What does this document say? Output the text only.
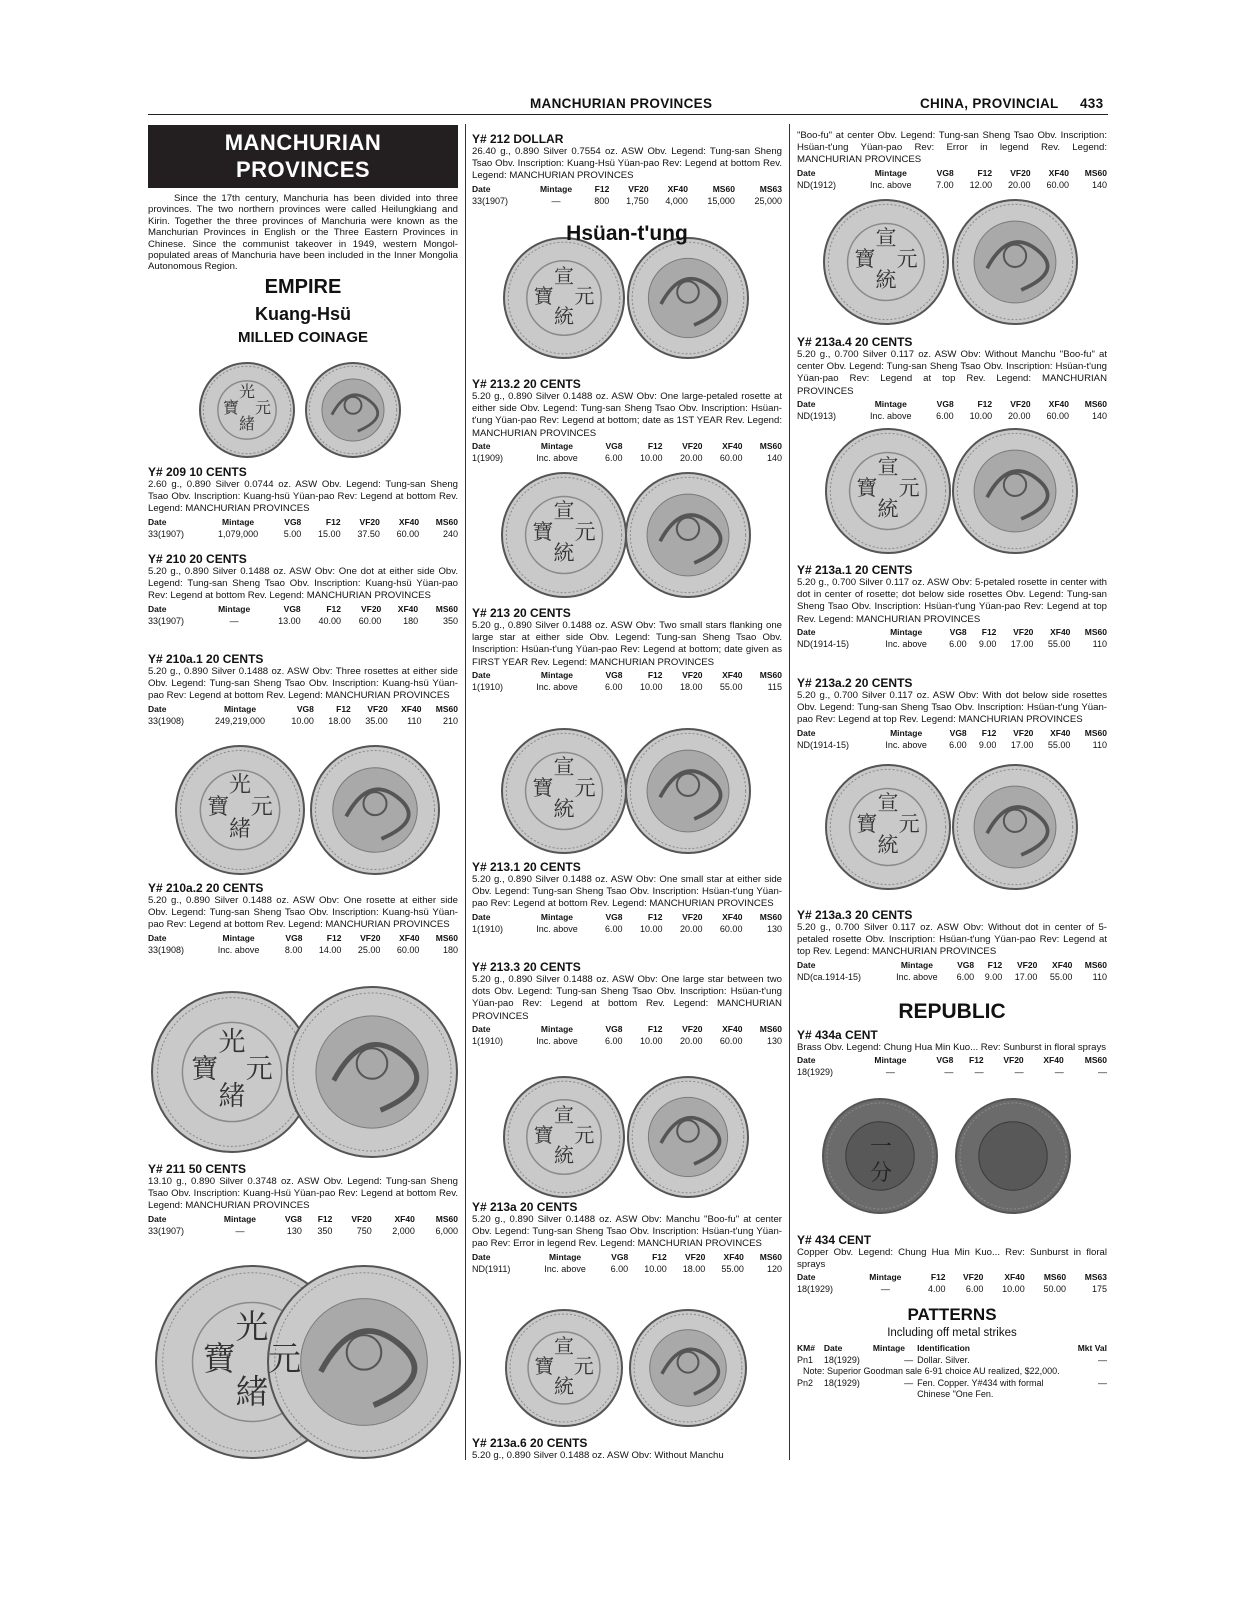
MANCHURIAN PROVINCES	CHINA, PROVINCIAL 433
光
緒
元
寶
宣
統
元
寶
宣
統
元
寶
宣
統
元
寶
宣
統
元
寶
宣
統
元
寶
宣
統
元
寶
宣
統
元
寶
宣
統
元
寶
光
緒
元
寶
光
緒
元
寶
光
緒
元
寶
一
分
MANCHURIAN
PROVINCES

Since the 17th century, Manchuria has been divided into three provinces. The two northern provinces were called Heilungkiang and Kirin. Together the three provinces of Manchuria were known as the Manchurian Provinces in English or the Three Eastern Provinces in Chinese. Since the communist takeover in 1949, western Mongol-populated areas of Manchuria have been included in the Inner Mongolia Autonomous Region.

EMPIRE
Kuang-Hsü
MILLED COINAGE
Y# 209 10 CENTS

2.60 g., 0.890 Silver 0.0744 oz. ASW Obv. Legend: Tung-san Sheng Tsao Obv. Inscription: Kuang-hsü Yüan-pao Rev: Legend at bottom Rev. Legend: MANCHURIAN PROVINCES

Date	Mintage	VG8	F12	VF20	XF40	MS60
33(1907)	1,079,000	5.00	15.00	37.50	60.00	240
Y# 210 20 CENTS

5.20 g., 0.890 Silver 0.1488 oz. ASW Obv: One dot at either side Obv. Legend: Tung-san Sheng Tsao Obv. Inscription: Kuang-hsü Yüan-pao Rev: Legend at bottom Rev. Legend: MANCHURIAN PROVINCES

Date	Mintage	VG8	F12	VF20	XF40	MS60
33(1907)	—	13.00	40.00	60.00	180	350
Y# 210a.1 20 CENTS

5.20 g., 0.890 Silver 0.1488 oz. ASW Obv: Three rosettes at either side Obv. Legend: Tung-san Sheng Tsao Obv. Inscription: Kuang-hsü Yüan-pao Rev: Legend at bottom Rev. Legend: MANCHURIAN PROVINCES

Date	Mintage	VG8	F12	VF20	XF40	MS60
33(1908)	249,219,000	10.00	18.00	35.00	110	210
Y# 210a.2 20 CENTS

5.20 g., 0.890 Silver 0.1488 oz. ASW Obv: One rosette at either side Obv. Legend: Tung-san Sheng Tsao Obv. Inscription: Kuang-hsü Yüan-pao Rev: Legend at bottom Rev. Legend: MANCHURIAN PROVINCES

Date	Mintage	VG8	F12	VF20	XF40	MS60
33(1908)	Inc. above	8.00	14.00	25.00	60.00	180
Y# 211 50 CENTS

13.10 g., 0.890 Silver 0.3748 oz. ASW Obv. Legend: Tung-san Sheng Tsao Obv. Inscription: Kuang-Hsü Yüan-pao Rev: Legend at bottom Rev. Legend: MANCHURIAN PROVINCES

Date	Mintage	VG8	F12	VF20	XF40	MS60
33(1907)	—	130	350	750	2,000	6,000
Y# 212 DOLLAR

26.40 g., 0.890 Silver 0.7554 oz. ASW Obv. Legend: Tung-san Sheng Tsao Obv. Inscription: Kuang-Hsü Yüan-pao Rev: Legend at bottom Rev. Legend: MANCHURIAN PROVINCES

Date	Mintage	F12	VF20	XF40	MS60	MS63
33(1907)	—	800	1,750	4,000	15,000	25,000
Y# 213.2 20 CENTS

5.20 g., 0.890 Silver 0.1488 oz. ASW Obv: One large-petaled rosette at either side Obv. Legend: Tung-san Sheng Tsao Obv. Inscription: Hsüan-t'ung Yüan-pao Rev: Legend at bottom; date as 1ST YEAR Rev. Legend: MANCHURIAN PROVINCES

Date	Mintage	VG8	F12	VF20	XF40	MS60
1(1909)	Inc. above	6.00	10.00	20.00	60.00	140
Y# 213 20 CENTS

5.20 g., 0.890 Silver 0.1488 oz. ASW Obv: Two small stars flanking one large star at either side Obv. Legend: Tung-san Sheng Tsao Obv. Inscription: Hsüan-t'ung Yüan-pao Rev: Legend at bottom; date given as FIRST YEAR Rev. Legend: MANCHURIAN PROVINCES

Date	Mintage	VG8	F12	VF20	XF40	MS60
1(1910)	Inc. above	6.00	10.00	18.00	55.00	115
Y# 213.1 20 CENTS

5.20 g., 0.890 Silver 0.1488 oz. ASW Obv: One small star at either side Obv. Legend: Tung-san Sheng Tsao Obv. Inscription: Hsüan-t'ung Yüan-pao Rev: Legend at bottom Rev. Legend: MANCHURIAN PROVINCES

Date	Mintage	VG8	F12	VF20	XF40	MS60
1(1910)	Inc. above	6.00	10.00	20.00	60.00	130
Y# 213.3 20 CENTS

5.20 g., 0.890 Silver 0.1488 oz. ASW Obv: One large star between two dots Obv. Legend: Tung-san Sheng Tsao Obv. Inscription: Hsüan-t'ung Yüan-pao Rev: Legend at bottom Rev. Legend: MANCHURIAN PROVINCES

Date	Mintage	VG8	F12	VF20	XF40	MS60
1(1910)	Inc. above	6.00	10.00	20.00	60.00	130
Y# 213a 20 CENTS

5.20 g., 0.890 Silver 0.1488 oz. ASW Obv: Manchu "Boo-fu" at center Obv. Legend: Tung-san Sheng Tsao Obv. Inscription: Hsüan-t'ung Yüan-pao Rev: Error in legend Rev. Legend: MANCHURIAN PROVINCES

Date	Mintage	VG8	F12	VF20	XF40	MS60
ND(1911)	Inc. above	6.00	10.00	18.00	55.00	120
Y# 213a.6 20 CENTS

5.20 g., 0.890 Silver 0.1488 oz. ASW Obv: Without Manchu

"Boo-fu" at center Obv. Legend: Tung-san Sheng Tsao Obv. Inscription: Hsüan-t'ung Yüan-pao Rev: Error in legend Rev. Legend: MANCHURIAN PROVINCES

Date	Mintage	VG8	F12	VF20	XF40	MS60
ND(1912)	Inc. above	7.00	12.00	20.00	60.00	140
Y# 213a.4 20 CENTS

5.20 g., 0.700 Silver 0.117 oz. ASW Obv: Without Manchu "Boo-fu" at center Obv. Legend: Tung-san Sheng Tsao Obv. Inscription: Hsüan-t'ung Yüan-pao Rev: Legend at top Rev. Legend: MANCHURIAN PROVINCES

Date	Mintage	VG8	F12	VF20	XF40	MS60
ND(1913)	Inc. above	6.00	10.00	20.00	60.00	140
Y# 213a.1 20 CENTS

5.20 g., 0.700 Silver 0.117 oz. ASW Obv: 5-petaled rosette in center with dot in center of rosette; dot below side rosettes Obv. Legend: Tung-san Sheng Tsao Obv. Inscription: Hsüan-t'ung Yüan-pao Rev: Legend at top Rev. Legend: MANCHURIAN PROVINCES

Date	Mintage	VG8	F12	VF20	XF40	MS60
ND(1914-15)	Inc. above	6.00	9.00	17.00	55.00	110
Y# 213a.2 20 CENTS

5.20 g., 0.700 Silver 0.117 oz. ASW Obv: With dot below side rosettes Obv. Legend: Tung-san Sheng Tsao Obv. Inscription: Hsüan-t'ung Yüan-pao Rev: Legend at top Rev. Legend: MANCHURIAN PROVINCES

Date	Mintage	VG8	F12	VF20	XF40	MS60
ND(1914-15)	Inc. above	6.00	9.00	17.00	55.00	110
Y# 213a.3 20 CENTS

5.20 g., 0.700 Silver 0.117 oz. ASW Obv: Without dot in center of 5-petaled rosette Obv. Inscription: Hsüan-t'ung Yüan-pao Rev: Legend at top Rev. Legend: MANCHURIAN PROVINCES

Date	Mintage	VG8	F12	VF20	XF40	MS60
ND(ca.1914-15)	Inc. above	6.00	9.00	17.00	55.00	110
Y# 434a CENT

Brass Obv. Legend: Chung Hua Min Kuo... Rev: Sunburst in floral sprays

Date	Mintage	VG8	F12	VF20	XF40	MS60
18(1929)	—	—	—	—	—	—
Y# 434 CENT

Copper Obv. Legend: Chung Hua Min Kuo... Rev: Sunburst in floral sprays

Date	Mintage	F12	VF20	XF40	MS60	MS63
18(1929)	—	4.00	6.00	10.00	50.00	175
PATTERNS
Including off metal strikes
KM#	Date	Mintage	Identification	Mkt Val
Pn1	18(1929)	—	Dollar. Silver.	—
Note: Superior Goodman sale 6-91 choice AU realized, $22,000.				
Pn2	18(1929)	—	Fen. Copper. Y#434 with formal Chinese "One Fen.	—
Hsüan-t'ung
REPUBLIC
